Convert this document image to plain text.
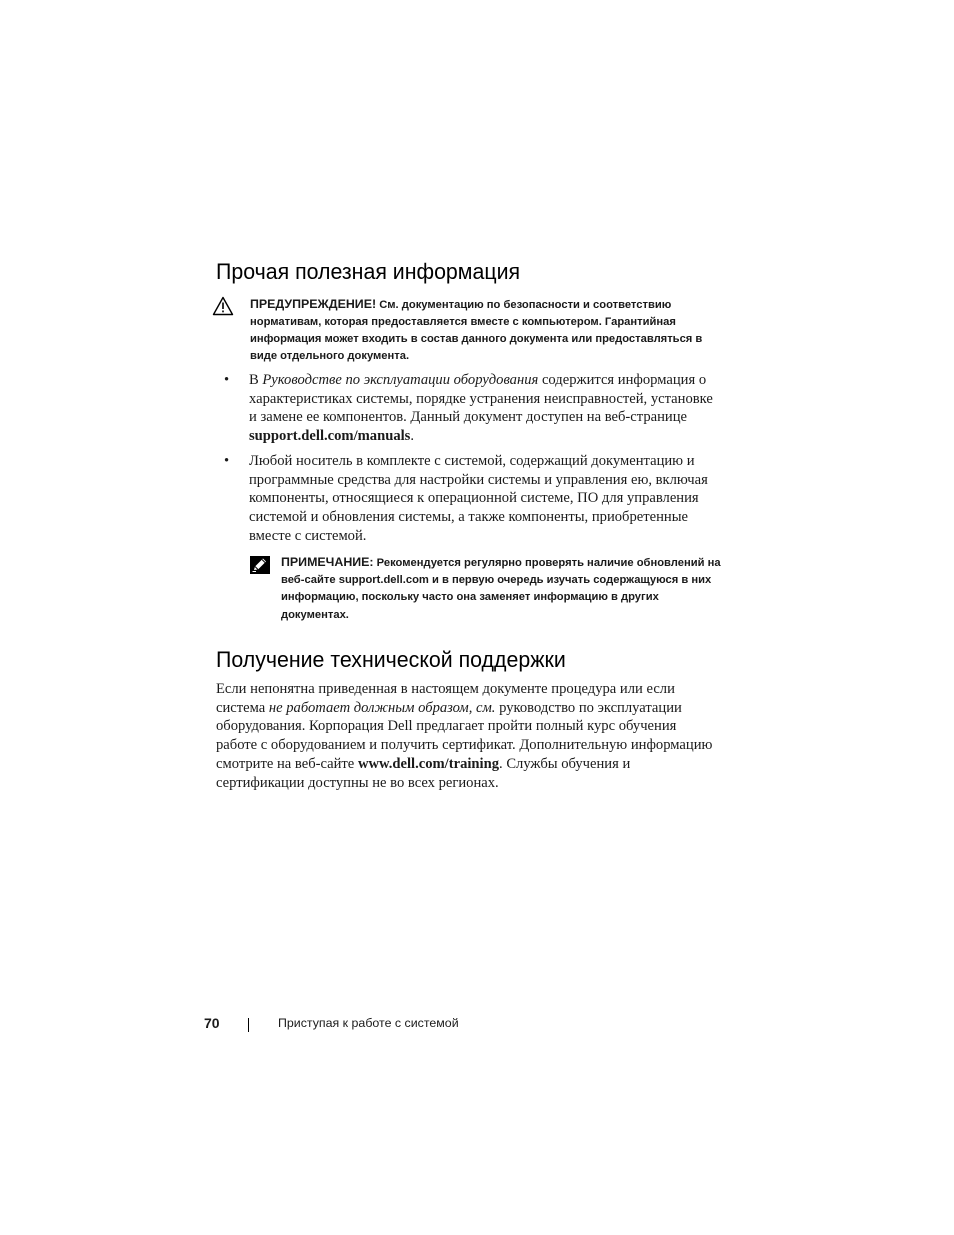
Прочая полезная информация
ПРЕДУПРЕЖДЕНИЕ! См. документацию по безопасности и соответствию нормативам, которая предоставляется вместе с компьютером. Гарантийная информация может входить в состав данного документа или предоставляться в виде отдельного документа.
• В Руководстве по эксплуатации оборудования содержится информация о характеристиках системы, порядке устранения неисправностей, установке и замене ее компонентов. Данный документ доступен на веб-странице support.dell.com/manuals.
• Любой носитель в комплекте с системой, содержащий документацию и программные средства для настройки системы и управления ею, включая компоненты, относящиеся к операционной системе, ПО для управления системой и обновления системы, а также компоненты, приобретенные вместе с системой.
ПРИМЕЧАНИЕ: Рекомендуется регулярно проверять наличие обновлений на веб-сайте support.dell.com и в первую очередь изучать содержащуюся в них информацию, поскольку часто она заменяет информацию в других документах.
Получение технической поддержки
Если непонятна приведенная в настоящем документе процедура или если система не работает должным образом, см. руководство по эксплуатации оборудования. Корпорация Dell предлагает пройти полный курс обучения работе с оборудованием и получить сертификат. Дополнительную информацию смотрите на веб-сайте www.dell.com/training. Службы обучения и сертификации доступны не во всех регионах.
70	Приступая к работе с системой
